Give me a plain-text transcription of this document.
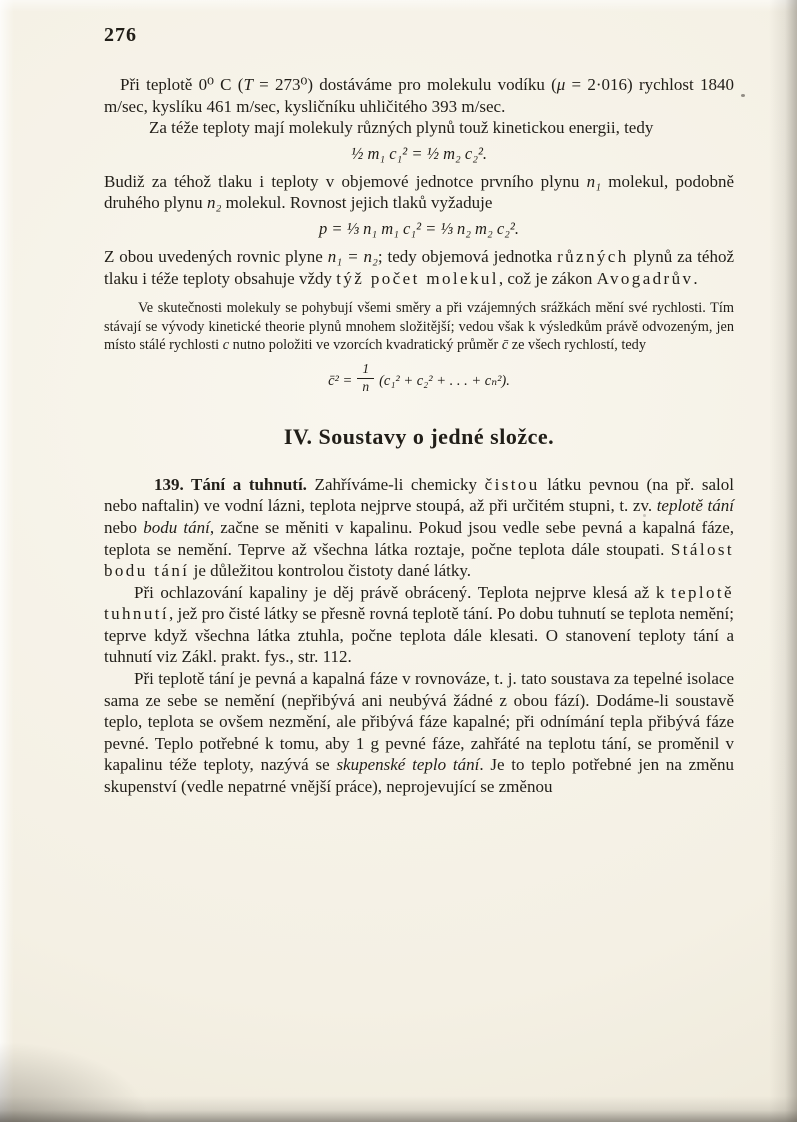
276

Při teplotě 0⁰ C (T = 273⁰) dostáváme pro molekulu vodíku (μ = 2·016) rychlost 1840 m/sec, kyslíku 461 m/sec, kysličníku uhličitého 393 m/sec.

Za téže teploty mají molekuly různých plynů touž kinetickou energii, tedy

½ m₁ c₁² = ½ m₂ c₂².

Budiž za téhož tlaku i teploty v objemové jednotce prvního plynu n₁ molekul, podobně druhého plynu n₂ molekul. Rovnost jejich tlaků vyžaduje

p = ⅓ n₁ m₁ c₁² = ⅓ n₂ m₂ c₂².

Z obou uvedených rovnic plyne n₁ = n₂; tedy objemová jednotka různých plynů za téhož tlaku i téže teploty obsahuje vždy týž počet molekul, což je zákon Avogadrův.

Ve skutečnosti molekuly se pohybují všemi směry a při vzájemných srážkách mění své rychlosti. Tím stávají se vývody kinetické theorie plynů mnohem složitější; vedou však k výsledkům právě odvozeným, jen místo stálé rychlosti c nutno položiti ve vzorcích kvadratický průměr c̄ ze všech rychlostí, tedy

c̄² = $\frac{1}{n} (c_1^2 + c_2^2$ + . . . + cₙ²).
IV. Soustavy o jedné složce.

139. Tání a tuhnutí. Zahříváme-li chemicky čistou látku pevnou (na př. salol nebo naftalin) ve vodní lázni, teplota nejprve stoupá, až při určitém stupni, t. zv. teplotě tání nebo bodu tání, začne se měniti v kapalinu. Pokud jsou vedle sebe pevná a kapalná fáze, teplota se nemění. Teprve až všechna látka roztaje, počne teplota dále stoupati. Stálost bodu tání je důležitou kontrolou čistoty dané látky.

Při ochlazování kapaliny je děj právě obrácený. Teplota nejprve klesá až k teplotě tuhnutí, jež pro čisté látky se přesně rovná teplotě tání. Po dobu tuhnutí se teplota nemění; teprve když všechna látka ztuhla, počne teplota dále klesati. O stanovení teploty tání a tuhnutí viz Zákl. prakt. fys., str. 112.

Při teplotě tání je pevná a kapalná fáze v rovnováze, t. j. tato soustava za tepelné isolace sama ze sebe se nemění (nepřibývá ani neubývá žádné z obou fází). Dodáme-li soustavě teplo, teplota se ovšem nezmění, ale přibývá fáze kapalné; při odnímání tepla přibývá fáze pevné. Teplo potřebné k tomu, aby 1 g pevné fáze, zahřáté na teplotu tání, se proměnil v kapalinu téže teploty, nazývá se skupenské teplo tání. Je to teplo potřebné jen na změnu skupenství (vedle nepatrné vnější práce), neprojevující se změnou
